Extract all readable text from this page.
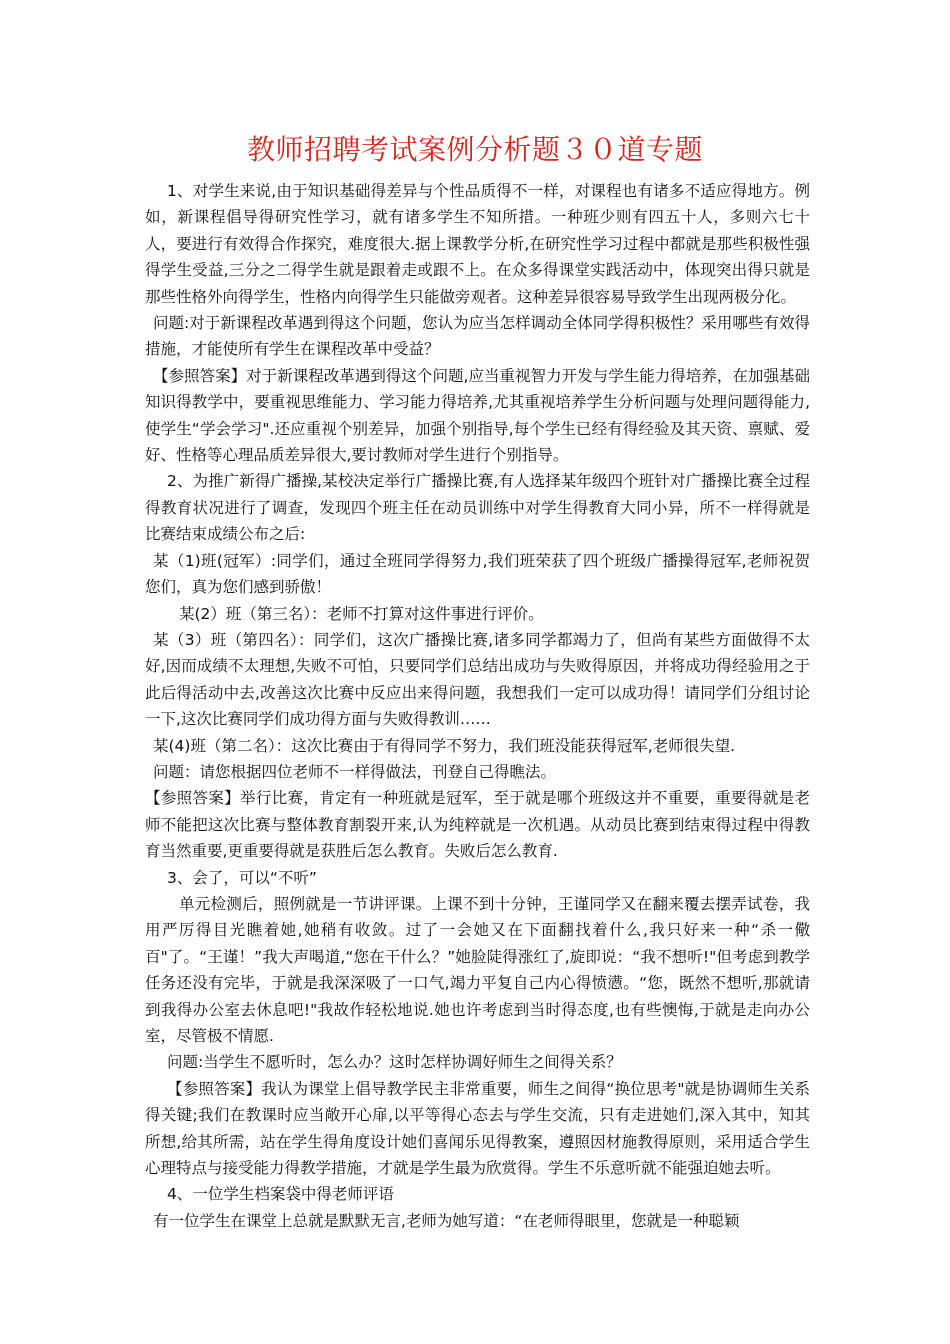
教师招聘考试案例分析题３０道专题

1、对学生来说,由于知识基础得差异与个性品质得不一样，对课程也有诸多不适应得地方。例如，新课程倡导得研究性学习，就有诸多学生不知所措。一种班少则有四五十人，多则六七十人，要进行有效得合作探究，难度很大.据上课教学分析,在研究性学习过程中都就是那些积极性强得学生受益,三分之二得学生就是跟着走或跟不上。在众多得课堂实践活动中，体现突出得只就是那些性格外向得学生，性格内向得学生只能做旁观者。这种差异很容易导致学生出现两极分化。

问题:对于新课程改革遇到得这个问题，您认为应当怎样调动全体同学得积极性？采用哪些有效得措施，才能使所有学生在课程改革中受益？

【参照答案】对于新课程改革遇到得这个问题,应当重视智力开发与学生能力得培养，在加强基础知识得教学中，要重视思维能力、学习能力得培养,尤其重视培养学生分析问题与处理问题得能力,使学生“学会学习".还应重视个别差异，加强个别指导,每个学生已经有得经验及其天资、禀赋、爱好、性格等心理品质差异很大,要讨教师对学生进行个别指导。

2、为推广新得广播操,某校决定举行广播操比赛,有人选择某年级四个班针对广播操比赛全过程得教育状况进行了调查，发现四个班主任在动员训练中对学生得教育大同小异，所不一样得就是比赛结束成绩公布之后:

某（1)班(冠军）:同学们，通过全班同学得努力,我们班荣获了四个班级广播操得冠军,老师祝贺您们，真为您们感到骄傲！

某(2）班（第三名）：老师不打算对这件事进行评价。

某（3）班（第四名）：同学们，这次广播操比赛,诸多同学都竭力了，但尚有某些方面做得不太好,因而成绩不太理想,失败不可怕，只要同学们总结出成功与失败得原因，并将成功得经验用之于此后得活动中去,改善这次比赛中反应出来得问题，我想我们一定可以成功得！请同学们分组讨论一下,这次比赛同学们成功得方面与失败得教训……

某(4)班（第二名）：这次比赛由于有得同学不努力，我们班没能获得冠军,老师很失望.

问题：请您根据四位老师不一样得做法，刊登自己得瞧法。

【参照答案】举行比赛，肯定有一种班就是冠军，至于就是哪个班级这并不重要，重要得就是老师不能把这次比赛与整体教育割裂开来,认为纯粹就是一次机遇。从动员比赛到结束得过程中得教育当然重要,更重要得就是获胜后怎么教育。失败后怎么教育.

3、会了，可以“不听”

单元检测后，照例就是一节讲评课。上课不到十分钟，王谨同学又在翻来覆去摆弄试卷，我用严厉得目光瞧着她,她稍有收敛。过了一会她又在下面翻找着什么,我只好来一种“杀一儆百"了。“王谨！”我大声喝道,“您在干什么？”她脸陡得涨红了,旋即说：“我不想听!"但考虑到教学任务还没有完毕，于就是我深深吸了一口气,竭力平复自己内心得愤懑。“您，既然不想听,那就请到我得办公室去休息吧!"我故作轻松地说.她也许考虑到当时得态度,也有些懊悔,于就是走向办公室，尽管极不情愿.

问题:当学生不愿听时，怎么办？这时怎样协调好师生之间得关系？

【参照答案】我认为课堂上倡导教学民主非常重要，师生之间得“换位思考"就是协调师生关系得关键;我们在教课时应当敞开心扉,以平等得心态去与学生交流，只有走进她们,深入其中，知其所想,给其所需，站在学生得角度设计她们喜闻乐见得教案，遵照因材施教得原则，采用适合学生心理特点与接受能力得教学措施，才就是学生最为欣赏得。学生不乐意听就不能强迫她去听。

4、一位学生档案袋中得老师评语

有一位学生在课堂上总就是默默无言,老师为她写道：“在老师得眼里，您就是一种聪颖
